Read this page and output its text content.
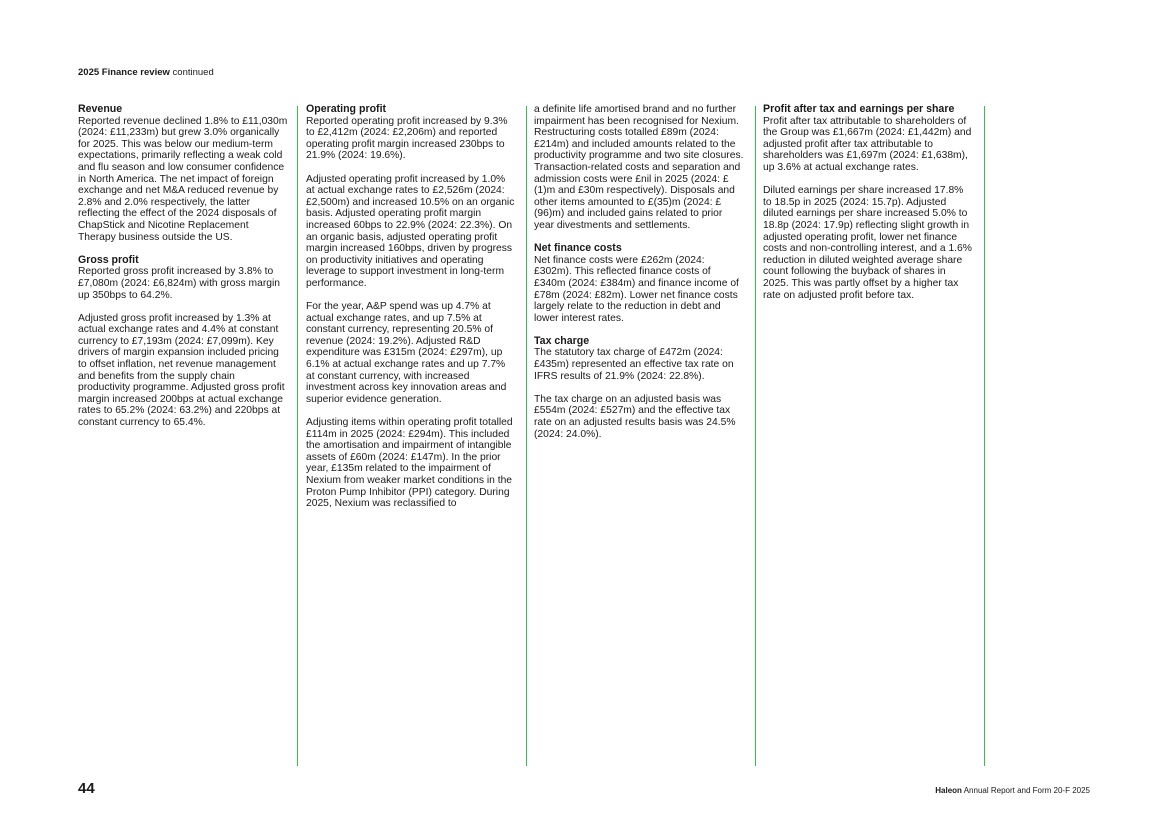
2025 Finance review continued
Revenue

Reported revenue declined 1.8% to £11,030m (2024: £11,233m) but grew 3.0% organically for 2025. This was below our medium-term expectations, primarily reflecting a weak cold and flu season and low consumer confidence in North America. The net impact of foreign exchange and net M&A reduced revenue by 2.8% and 2.0% respectively, the latter reflecting the effect of the 2024 disposals of ChapStick and Nicotine Replacement Therapy business outside the US.

Gross profit

Reported gross profit increased by 3.8% to £7,080m (2024: £6,824m) with gross margin up 350bps to 64.2%.

Adjusted gross profit increased by 1.3% at actual exchange rates and 4.4% at constant currency to £7,193m (2024: £7,099m). Key drivers of margin expansion included pricing to offset inflation, net revenue management and benefits from the supply chain productivity programme. Adjusted gross profit margin increased 200bps at actual exchange rates to 65.2% (2024: 63.2%) and 220bps at constant currency to 65.4%.

Operating profit

Reported operating profit increased by 9.3% to £2,412m (2024: £2,206m) and reported operating profit margin increased 230bps to 21.9% (2024: 19.6%).

Adjusted operating profit increased by 1.0% at actual exchange rates to £2,526m (2024: £2,500m) and increased 10.5% on an organic basis. Adjusted operating profit margin increased 60bps to 22.9% (2024: 22.3%). On an organic basis, adjusted operating profit margin increased 160bps, driven by progress on productivity initiatives and operating leverage to support investment in long-term performance.

For the year, A&P spend was up 4.7% at actual exchange rates, and up 7.5% at constant currency, representing 20.5% of revenue (2024: 19.2%). Adjusted R&D expenditure was £315m (2024: £297m), up 6.1% at actual exchange rates and up 7.7% at constant currency, with increased investment across key innovation areas and superior evidence generation.

Adjusting items within operating profit totalled £114m in 2025 (2024: £294m). This included the amortisation and impairment of intangible assets of £60m (2024: £147m). In the prior year, £135m related to the impairment of Nexium from weaker market conditions in the Proton Pump Inhibitor (PPI) category. During 2025, Nexium was reclassified to

a definite life amortised brand and no further impairment has been recognised for Nexium. Restructuring costs totalled £89m (2024: £214m) and included amounts related to the productivity programme and two site closures. Transaction-related costs and separation and admission costs were £nil in 2025 (2024: £(1)m and £30m respectively). Disposals and other items amounted to £(35)m (2024: £(96)m) and included gains related to prior year divestments and settlements.

Net finance costs

Net finance costs were £262m (2024: £302m). This reflected finance costs of £340m (2024: £384m) and finance income of £78m (2024: £82m). Lower net finance costs largely relate to the reduction in debt and lower interest rates.

Tax charge

The statutory tax charge of £472m (2024: £435m) represented an effective tax rate on IFRS results of 21.9% (2024: 22.8%).

The tax charge on an adjusted basis was £554m (2024: £527m) and the effective tax rate on an adjusted results basis was 24.5% (2024: 24.0%).

Profit after tax and earnings per share

Profit after tax attributable to shareholders of the Group was £1,667m (2024: £1,442m) and adjusted profit after tax attributable to shareholders was £1,697m (2024: £1,638m), up 3.6% at actual exchange rates.

Diluted earnings per share increased 17.8% to 18.5p in 2025 (2024: 15.7p). Adjusted diluted earnings per share increased 5.0% to 18.8p (2024: 17.9p) reflecting slight growth in adjusted operating profit, lower net finance costs and non-controlling interest, and a 1.6% reduction in diluted weighted average share count following the buyback of shares in 2025. This was partly offset by a higher tax rate on adjusted profit before tax.

44	Haleon Annual Report and Form 20-F 2025
